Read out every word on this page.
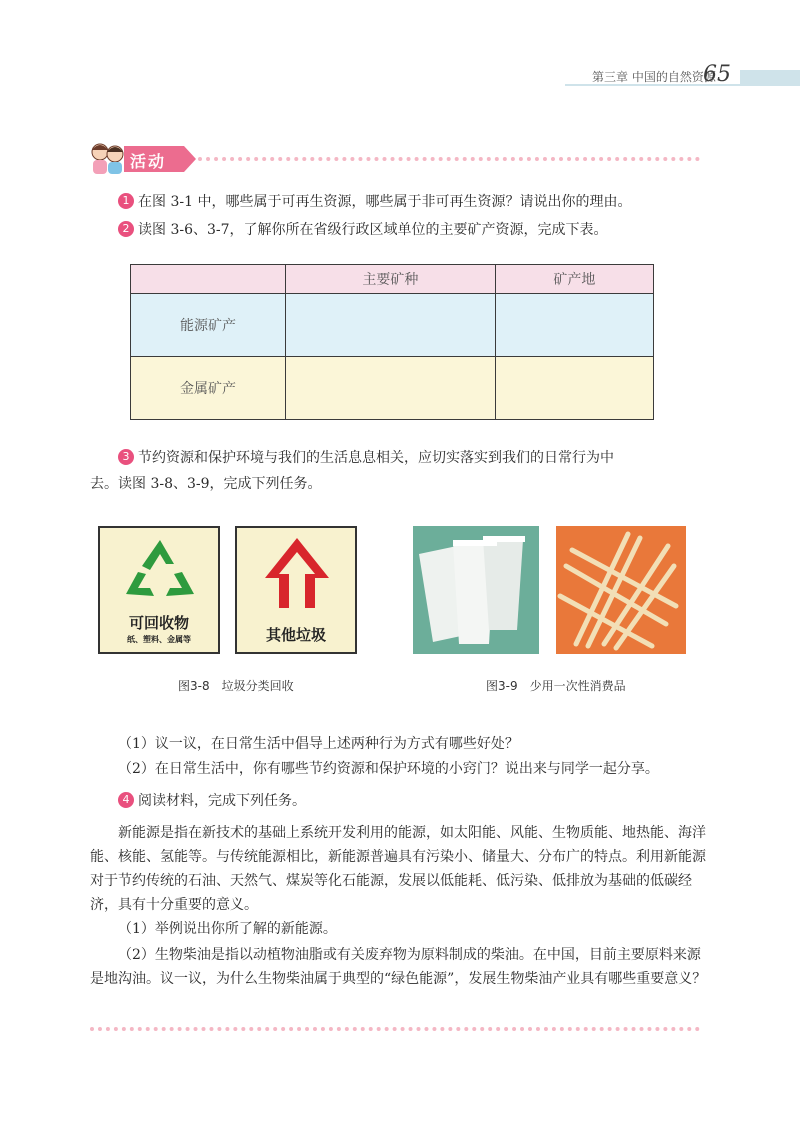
第三章 中国的自然资源
65
活动
1 在图 3-1 中，哪些属于可再生资源，哪些属于非可再生资源？请说出你的理由。
2 读图 3-6、3-7，了解你所在省级行政区域单位的主要矿产资源，完成下表。
	主要矿种	矿产地
能源矿产		
金属矿产		
3 节约资源和保护环境与我们的生活息息相关，应切实落实到我们的日常行为中
去。读图 3-8、3-9，完成下列任务。
可回收物
纸、塑料、金属等	其他垃圾
图3-8　垃圾分类回收	图3-9　少用一次性消费品
（1）议一议，在日常生活中倡导上述两种行为方式有哪些好处？
（2）在日常生活中，你有哪些节约资源和保护环境的小窍门？说出来与同学一起分享。
4 阅读材料，完成下列任务。
新能源是指在新技术的基础上系统开发利用的能源，如太阳能、风能、生物质能、地热能、海洋能、核能、氢能等。与传统能源相比，新能源普遍具有污染小、储量大、分布广的特点。利用新能源对于节约传统的石油、天然气、煤炭等化石能源，发展以低能耗、低污染、低排放为基础的低碳经济，具有十分重要的意义。
（1）举例说出你所了解的新能源。
（2）生物柴油是指以动植物油脂或有关废弃物为原料制成的柴油。在中国，目前主要原料来源是地沟油。议一议，为什么生物柴油属于典型的“绿色能源”，发展生物柴油产业具有哪些重要意义？
